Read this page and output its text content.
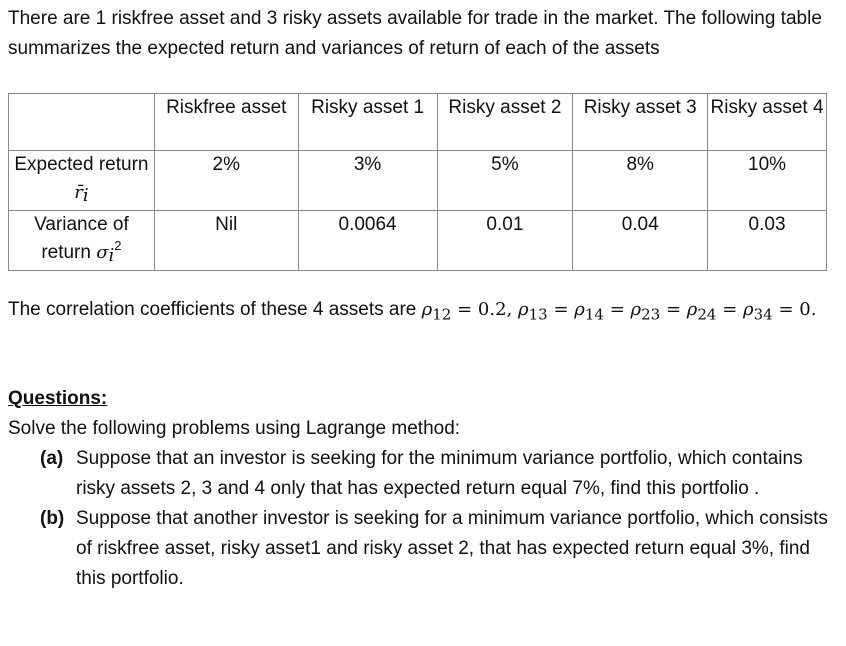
There are 1 riskfree asset and 3 risky assets available for trade in the market. The following table summarizes the expected return and variances of return of each of the assets
	Riskfree asset	Risky asset 1	Risky asset 2	Risky asset 3	Risky asset 4
Expected return r̄i	2%	3%	5%	8%	10%
Variance of return $\sigma i^2$	Nil	0.0064	0.01	0.04	0.03
The correlation coefficients of these 4 assets are $\rho_{12} = 0.2$, $\rho_{13} = \rho_{14} = \rho_{23} = \rho_{24} = \rho_{34} = 0$.
Questions:
Solve the following problems using Lagrange method:
(a) Suppose that an investor is seeking for the minimum variance portfolio, which contains risky assets 2, 3 and 4 only that has expected return equal 7%, find this portfolio .
(b) Suppose that another investor is seeking for a minimum variance portfolio, which consists of riskfree asset, risky asset1 and risky asset 2, that has expected return equal 3%, find this portfolio.
